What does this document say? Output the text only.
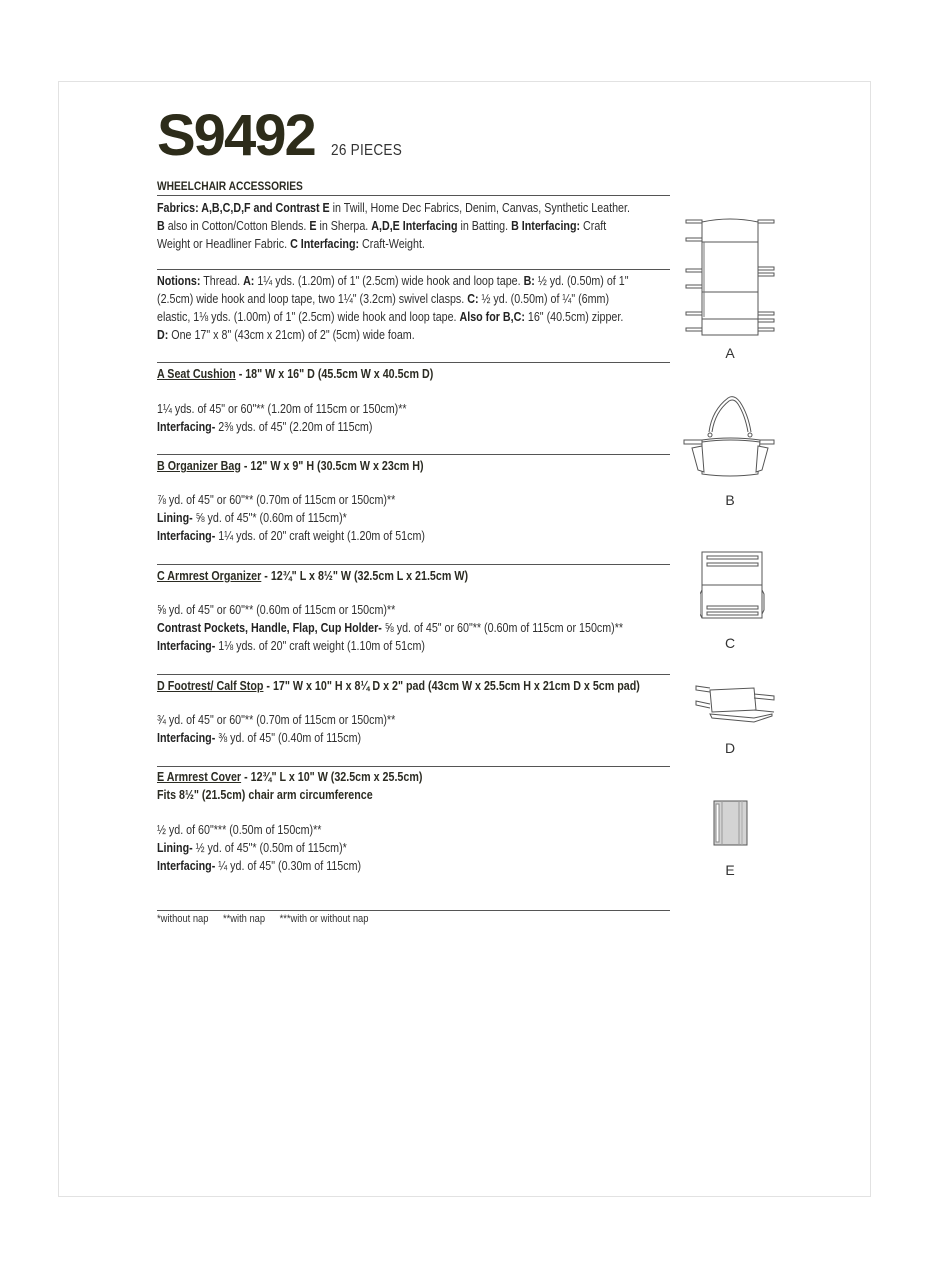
S9492 26 PIECES
WHEELCHAIR ACCESSORIES
Fabrics: A,B,C,D,F and Contrast E in Twill, Home Dec Fabrics, Denim, Canvas, Synthetic Leather.
B also in Cotton/Cotton Blends. E in Sherpa. A,D,E Interfacing in Batting. B Interfacing: Craft
Weight or Headliner Fabric. C Interfacing: Craft-Weight.
Notions: Thread. A: 1¼ yds. (1.20m) of 1" (2.5cm) wide hook and loop tape. B: ½ yd. (0.50m) of 1"
(2.5cm) wide hook and loop tape, two 1¼" (3.2cm) swivel clasps. C: ½ yd. (0.50m) of ¼" (6mm)
elastic, 1⅛ yds. (1.00m) of 1" (2.5cm) wide hook and loop tape. Also for B,C: 16" (40.5cm) zipper.
D: One 17" x 8" (43cm x 21cm) of 2" (5cm) wide foam.
A Seat Cushion - 18" W x 16" D (45.5cm W x 40.5cm D)
1¼ yds. of 45" or 60"** (1.20m of 115cm or 150cm)**
Interfacing- 2⅜ yds. of 45" (2.20m of 115cm)
B Organizer Bag - 12" W x 9" H (30.5cm W x 23cm H)
⅞ yd. of 45" or 60"** (0.70m of 115cm or 150cm)**
Lining- ⅝ yd. of 45"* (0.60m of 115cm)*
Interfacing- 1¼ yds. of 20" craft weight (1.20m of 51cm)
C Armrest Organizer - 12¾" L x 8½" W (32.5cm L x 21.5cm W)
⅝ yd. of 45" or 60"** (0.60m of 115cm or 150cm)**
Contrast Pockets, Handle, Flap, Cup Holder- ⅝ yd. of 45" or 60"** (0.60m of 115cm or 150cm)**
Interfacing- 1⅛ yds. of 20" craft weight (1.10m of 51cm)
D Footrest/ Calf Stop - 17" W x 10" H x 8¼ D x 2" pad (43cm W x 25.5cm H x 21cm D x 5cm pad)
¾ yd. of 45" or 60"** (0.70m of 115cm or 150cm)**
Interfacing- ⅜ yd. of 45" (0.40m of 115cm)
E Armrest Cover - 12¾" L x 10" W (32.5cm x 25.5cm)
Fits 8½" (21.5cm) chair arm circumference
½ yd. of 60"*** (0.50m of 150cm)**
Lining- ½ yd. of 45"* (0.50m of 115cm)*
Interfacing- ¼ yd. of 45" (0.30m of 115cm)
*without nap **with nap ***with or without nap
A
B
C
D
E
